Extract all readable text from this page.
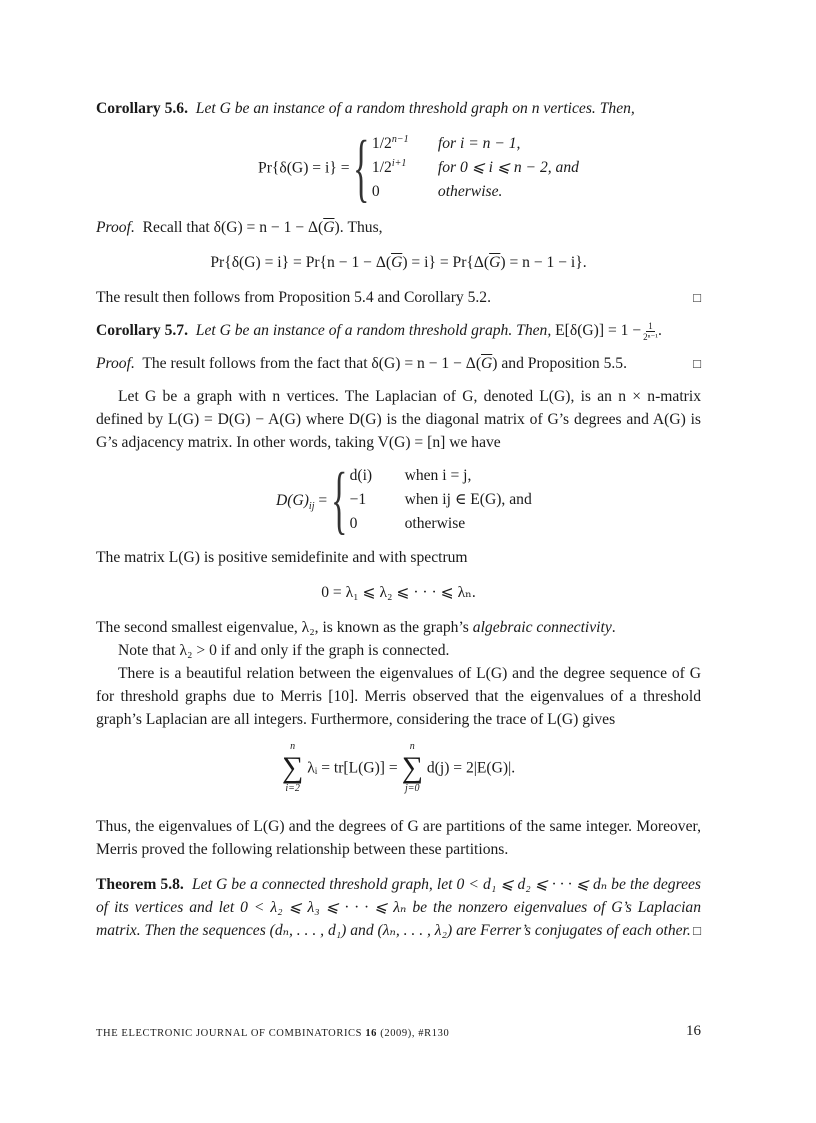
Corollary 5.6. Let G be an instance of a random threshold graph on n vertices. Then,

Pr{δ(G) = i} = { $1/2^{n-1}$	for i = n − 1,
$1/2^{i+1}$	for 0 ⩽ i ⩽ n − 2, and
0	otherwise.

Proof. Recall that $\delta(G) = n - 1 - \Delta(\overline{G})$. Thus,

$Pr\{\delta(G) = i\} = Pr\{n - 1 - \Delta(\overline{G}) = i\} = Pr\{\Delta(\overline{G}) = n - 1 - i\}$.

The result then follows from Proposition 5.4 and Corollary 5.2.	□

Corollary 5.7. Let G be an instance of a random threshold graph. Then, $E[\delta(G)] = 1 - \frac{1}{\text{2ⁿ⁻¹}}$ .

Proof. The result follows from the fact that $\delta(G) = n - 1 - \Delta(\overline{G})$ and Proposition 5.5.	□

Let G be a graph with n vertices. The Laplacian of G, denoted L(G), is an n × n-matrix defined by L(G) = D(G) − A(G) where D(G) is the diagonal matrix of G’s degrees and A(G) is G’s adjacency matrix. In other words, taking V(G) = [n] we have

$D(G)_{ij}$ = { d(i)	when i = j,
−1	when ij ∈ E(G), and
0	otherwise

The matrix L(G) is positive semidefinite and with spectrum

0 = λ₁ ⩽ λ₂ ⩽ · · · ⩽ λₙ.

The second smallest eigenvalue, λ₂, is known as the graph’s algebraic connectivity.

Note that λ₂ > 0 if and only if the graph is connected.

There is a beautiful relation between the eigenvalues of L(G) and the degree sequence of G for threshold graphs due to Merris [10]. Merris observed that the eigenvalues of a threshold graph’s Laplacian are all integers. Furthermore, considering the trace of L(G) gives

n
∑
i=2
λᵢ = tr[L(G)] =
n
∑
j=0
d(j) = 2|E(G)|.

Thus, the eigenvalues of L(G) and the degrees of G are partitions of the same integer. Moreover, Merris proved the following relationship between these partitions.

Theorem 5.8. Let G be a connected threshold graph, let 0 < d₁ ⩽ d₂ ⩽ · · · ⩽ dₙ be the degrees of its vertices and let 0 < λ₂ ⩽ λ₃ ⩽ · · · ⩽ λₙ be the nonzero eigenvalues of G’s Laplacian matrix. Then the sequences (dₙ, . . . , d₁) and (λₙ, . . . , λ₂) are Ferrer’s conjugates of each other. □

THE ELECTRONIC JOURNAL OF COMBINATORICS 16 (2009), #R130	16
